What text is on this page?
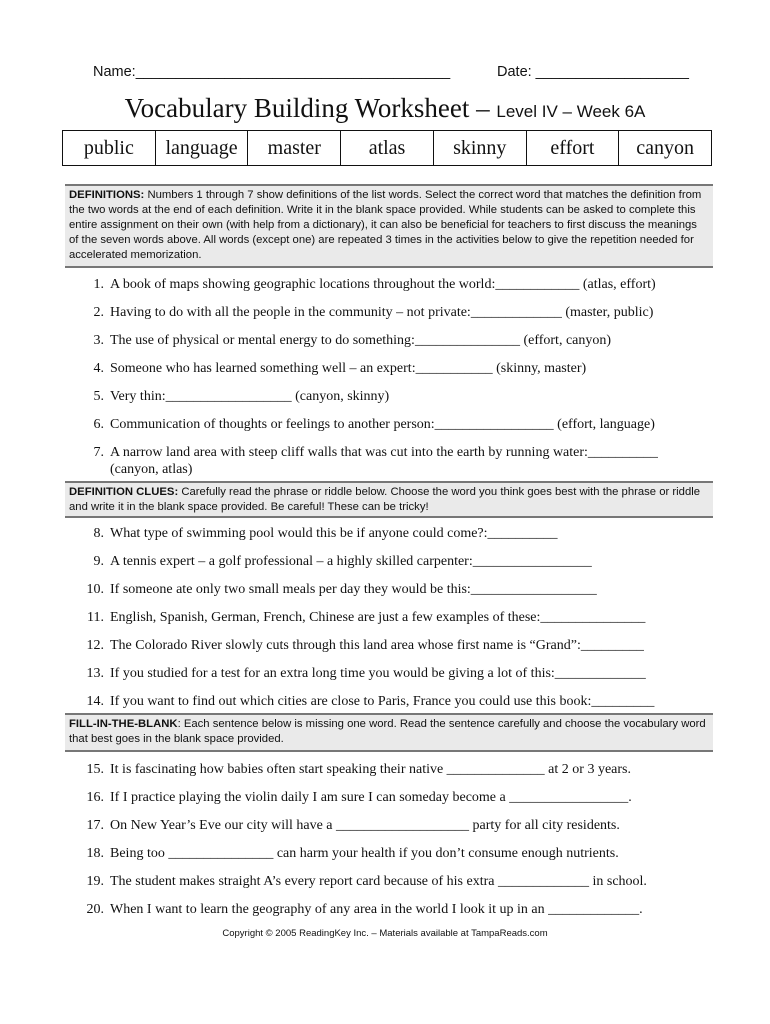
Name:_______________________________________	Date: ___________________
Vocabulary Building Worksheet – Level IV – Week 6A
public	language	master	atlas	skinny	effort	canyon
DEFINITIONS: Numbers 1 through 7 show definitions of the list words. Select the correct word that matches the definition from the two words at the end of each definition. Write it in the blank space provided. While students can be asked to complete this entire assignment on their own (with help from a dictionary), it can also be beneficial for teachers to first discuss the meanings of the seven words above. All words (except one) are repeated 3 times in the activities below to give the repetition needed for accelerated memorization.
1. A book of maps showing geographic locations throughout the world:____________ (atlas, effort)
2. Having to do with all the people in the community – not private:_____________ (master, public)
3. The use of physical or mental energy to do something:_______________ (effort, canyon)
4. Someone who has learned something well – an expert:___________ (skinny, master)
5. Very thin:__________________ (canyon, skinny)
6. Communication of thoughts or feelings to another person:_________________ (effort, language)
7. A narrow land area with steep cliff walls that was cut into the earth by running water:__________
(canyon, atlas)
DEFINITION CLUES: Carefully read the phrase or riddle below. Choose the word you think goes best with the phrase or riddle and write it in the blank space provided. Be careful! These can be tricky!
8. What type of swimming pool would this be if anyone could come?:__________
9. A tennis expert – a golf professional – a highly skilled carpenter:_________________
10. If someone ate only two small meals per day they would be this:__________________
11. English, Spanish, German, French, Chinese are just a few examples of these:_______________
12. The Colorado River slowly cuts through this land area whose first name is “Grand”:_________
13. If you studied for a test for an extra long time you would be giving a lot of this:_____________
14. If you want to find out which cities are close to Paris, France you could use this book:_________
FILL-IN-THE-BLANK: Each sentence below is missing one word. Read the sentence carefully and choose the vocabulary word that best goes in the blank space provided.
15. It is fascinating how babies often start speaking their native ______________ at 2 or 3 years.
16. If I practice playing the violin daily I am sure I can someday become a _________________.
17. On New Year’s Eve our city will have a ___________________ party for all city residents.
18. Being too _______________ can harm your health if you don’t consume enough nutrients.
19. The student makes straight A’s every report card because of his extra _____________ in school.
20. When I want to learn the geography of any area in the world I look it up in an _____________.
Copyright © 2005 ReadingKey Inc. – Materials available at TampaReads.com
